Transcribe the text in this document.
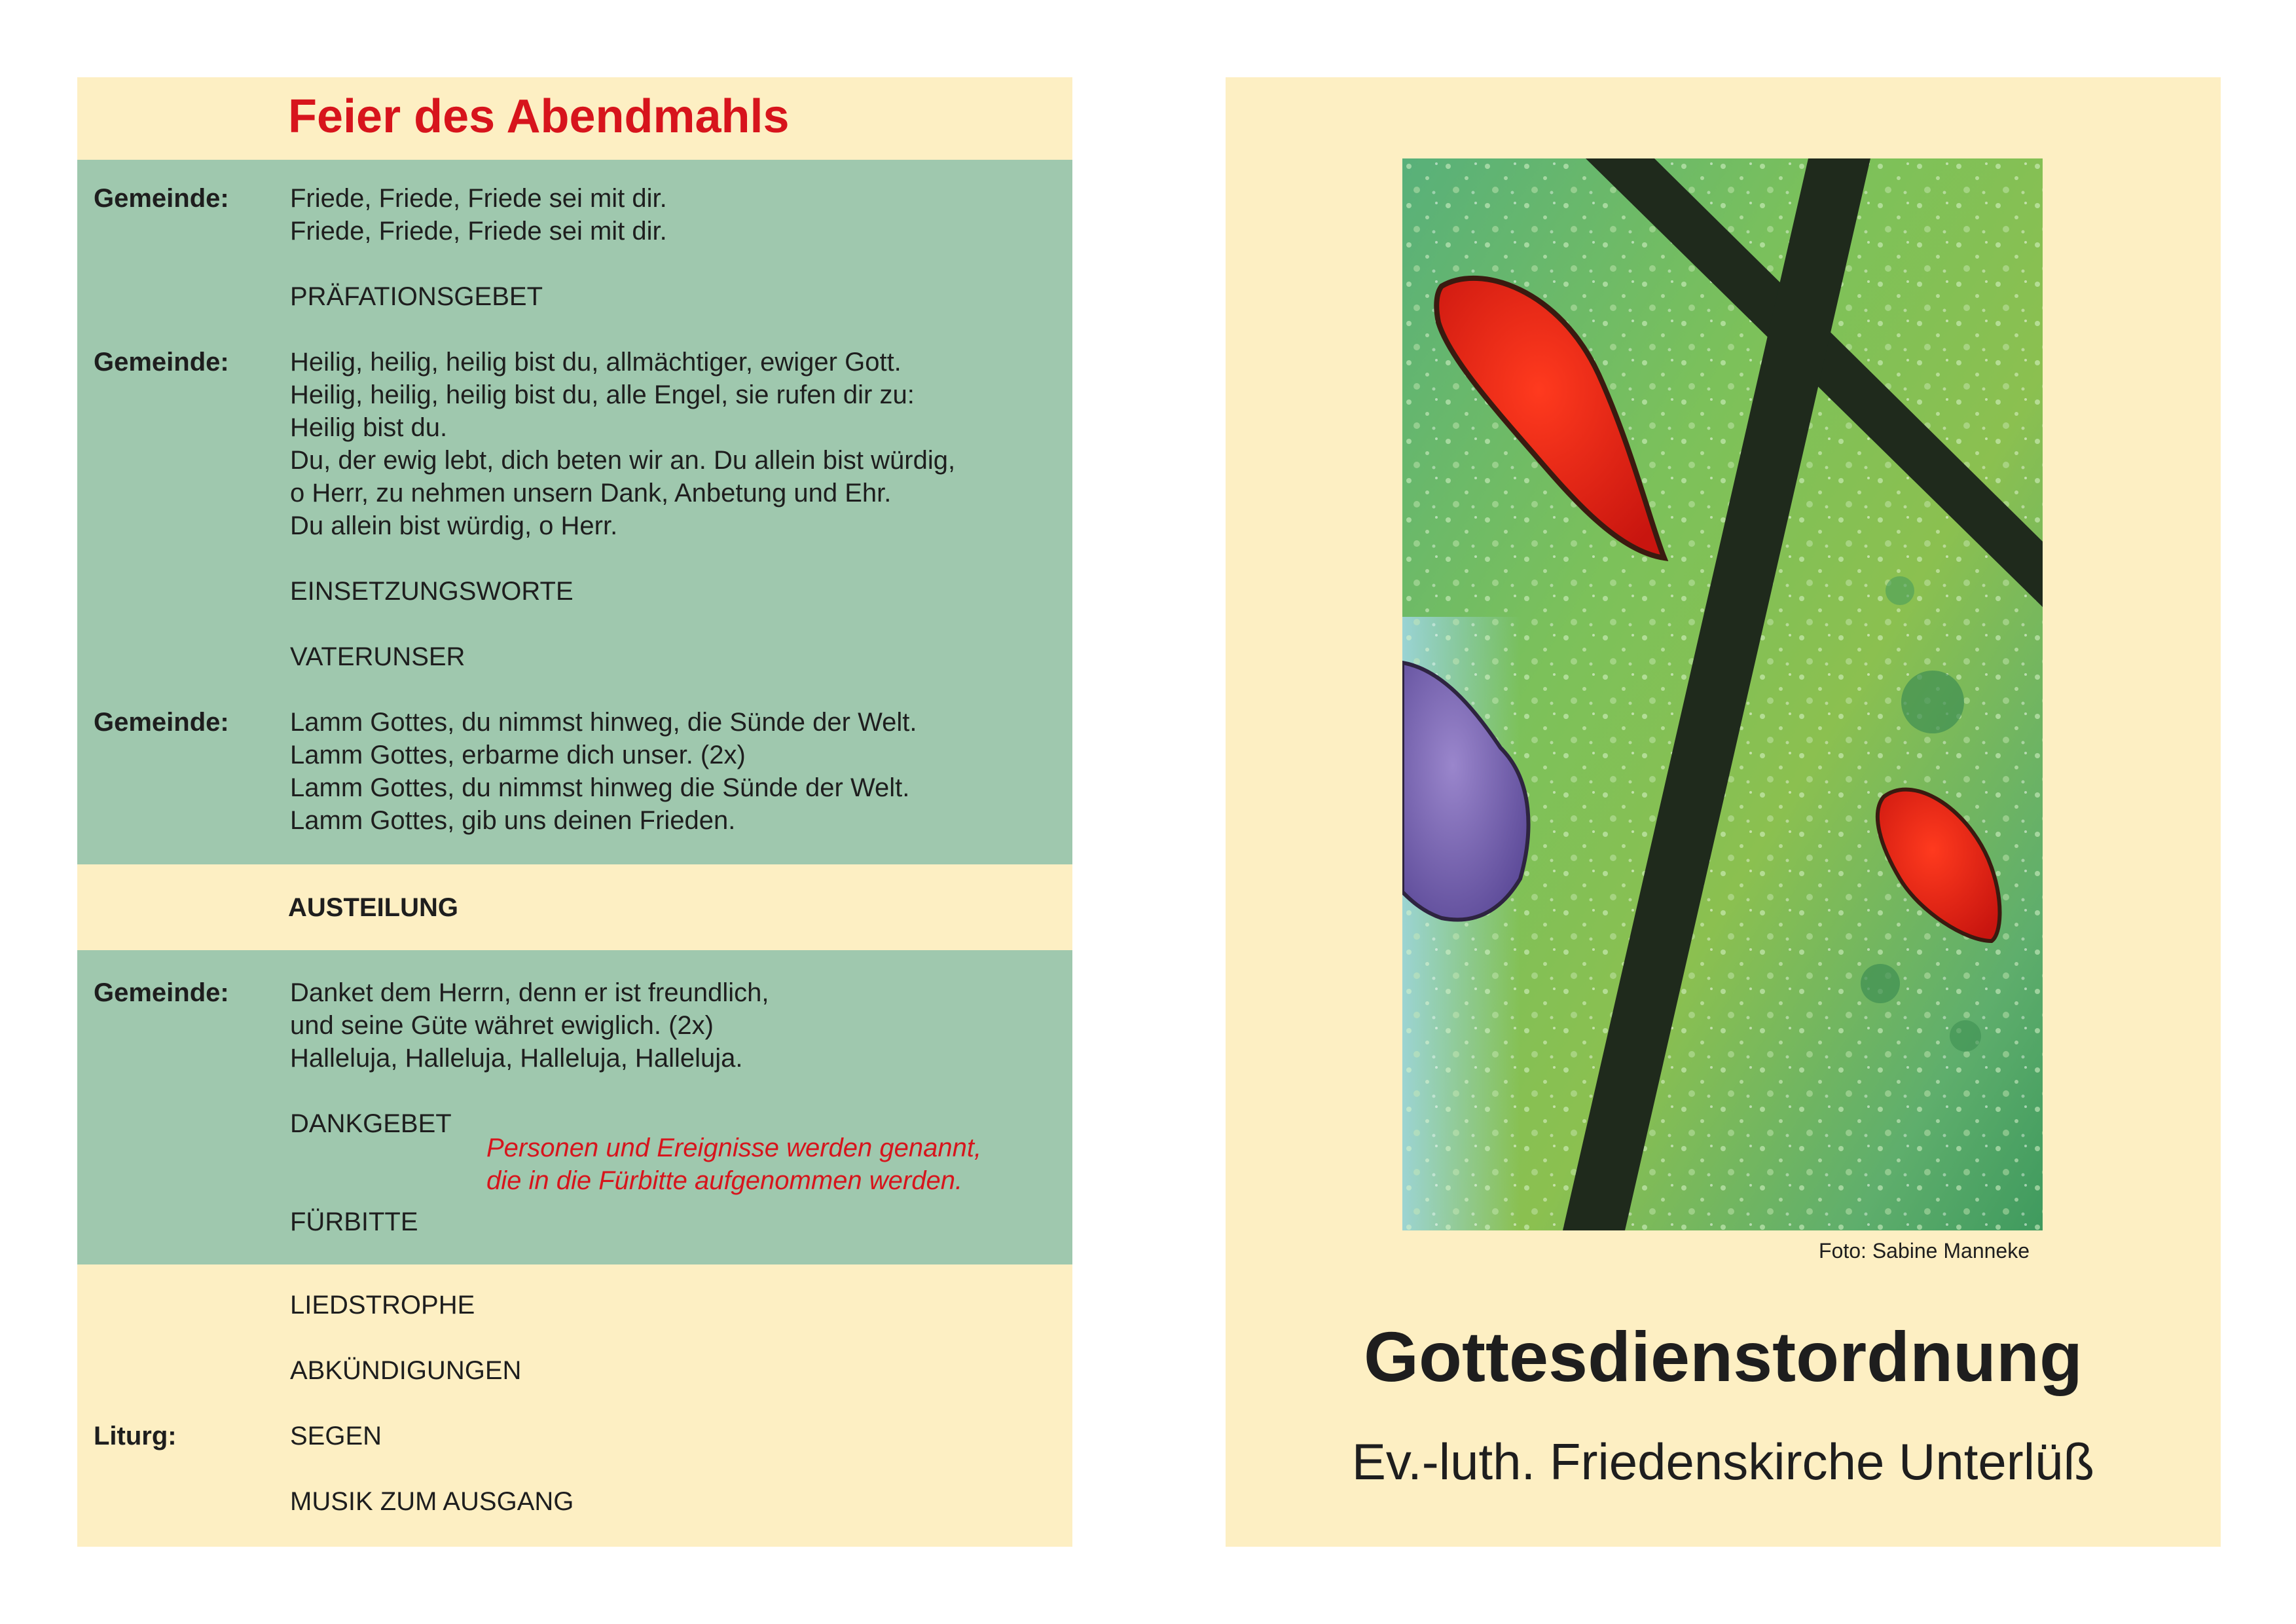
Feier des Abendmahls
Gemeinde: Friede, Friede, Friede sei mit dir.
Friede, Friede, Friede sei mit dir.
PRÄFATIONSGEBET
Gemeinde: Heilig, heilig, heilig bist du, allmächtiger, ewiger Gott.
Heilig, heilig, heilig bist du, alle Engel, sie rufen dir zu:
Heilig bist du.
Du, der ewig lebt, dich beten wir an. Du allein bist würdig,
o Herr, zu nehmen unsern Dank, Anbetung und Ehr.
Du allein bist würdig, o Herr.
EINSETZUNGSWORTE
VATERUNSER
Gemeinde: Lamm Gottes, du nimmst hinweg, die Sünde der Welt.
Lamm Gottes, erbarme dich unser. (2x)
Lamm Gottes, du nimmst hinweg die Sünde der Welt.
Lamm Gottes, gib uns deinen Frieden.
AUSTEILUNG
Gemeinde: Danket dem Herrn, denn er ist freundlich,
und seine Güte währet ewiglich. (2x)
Halleluja, Halleluja, Halleluja, Halleluja.
DANKGEBET
Personen und Ereignisse werden genannt,
die in die Fürbitte aufgenommen werden.
FÜRBITTE
LIEDSTROPHE
ABKÜNDIGUNGEN
Liturg:	SEGEN
MUSIK ZUM AUSGANG
Foto: Sabine Manneke
Gottesdienstordnung
Ev.-luth. Friedenskirche Unterlüß
